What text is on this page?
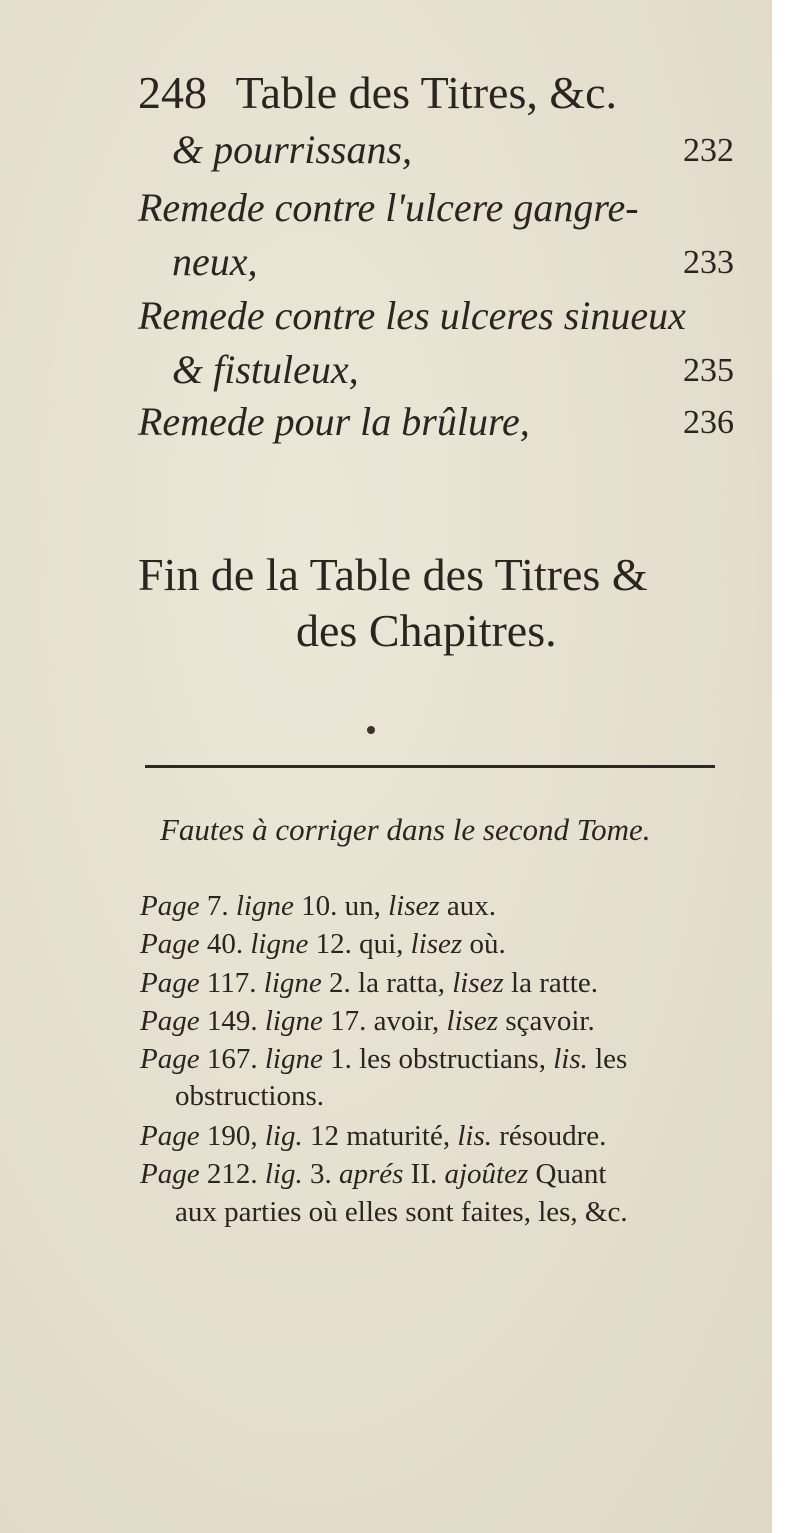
248 Table des Titres, &c.
& pourrissans,	232
Remede contre l'ulcere gangre-
neux,	233
Remede contre les ulceres sinueux
& fistuleux,	235
Remede pour la brûlure,	236
Fin de la Table des Titres &
des Chapitres.
Fautes à corriger dans le second Tome.
Page 7. ligne 10. un, lisez aux.
Page 40. ligne 12. qui, lisez où.
Page 117. ligne 2. la ratta, lisez la ratte.
Page 149. ligne 17. avoir, lisez sçavoir.
Page 167. ligne 1. les obstructians, lis. les
obstructions.
Page 190, lig. 12 maturité, lis. résoudre.
Page 212. lig. 3. aprés II. ajoûtez Quant
aux parties où elles sont faites, les, &c.
